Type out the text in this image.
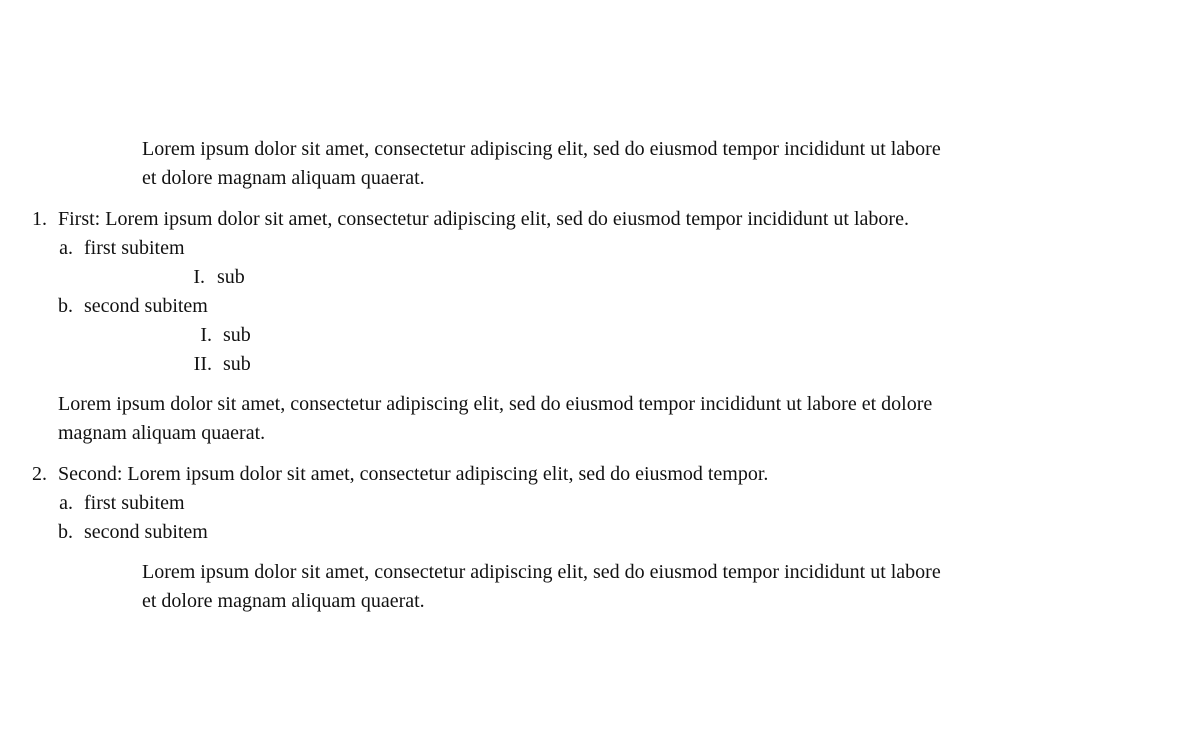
Lorem ipsum dolor sit amet, consectetur adipiscing elit, sed do eiusmod tempor incididunt ut labore
et dolore magnam aliquam quaerat.
1. First: Lorem ipsum dolor sit amet, consectetur adipiscing elit, sed do eiusmod tempor incididunt ut labore.
a. first subitem
I. sub
b. second subitem
I. sub
II. sub
Lorem ipsum dolor sit amet, consectetur adipiscing elit, sed do eiusmod tempor incididunt ut labore et dolore
magnam aliquam quaerat.
2. Second: Lorem ipsum dolor sit amet, consectetur adipiscing elit, sed do eiusmod tempor.
a. first subitem
b. second subitem
Lorem ipsum dolor sit amet, consectetur adipiscing elit, sed do eiusmod tempor incididunt ut labore
et dolore magnam aliquam quaerat.
